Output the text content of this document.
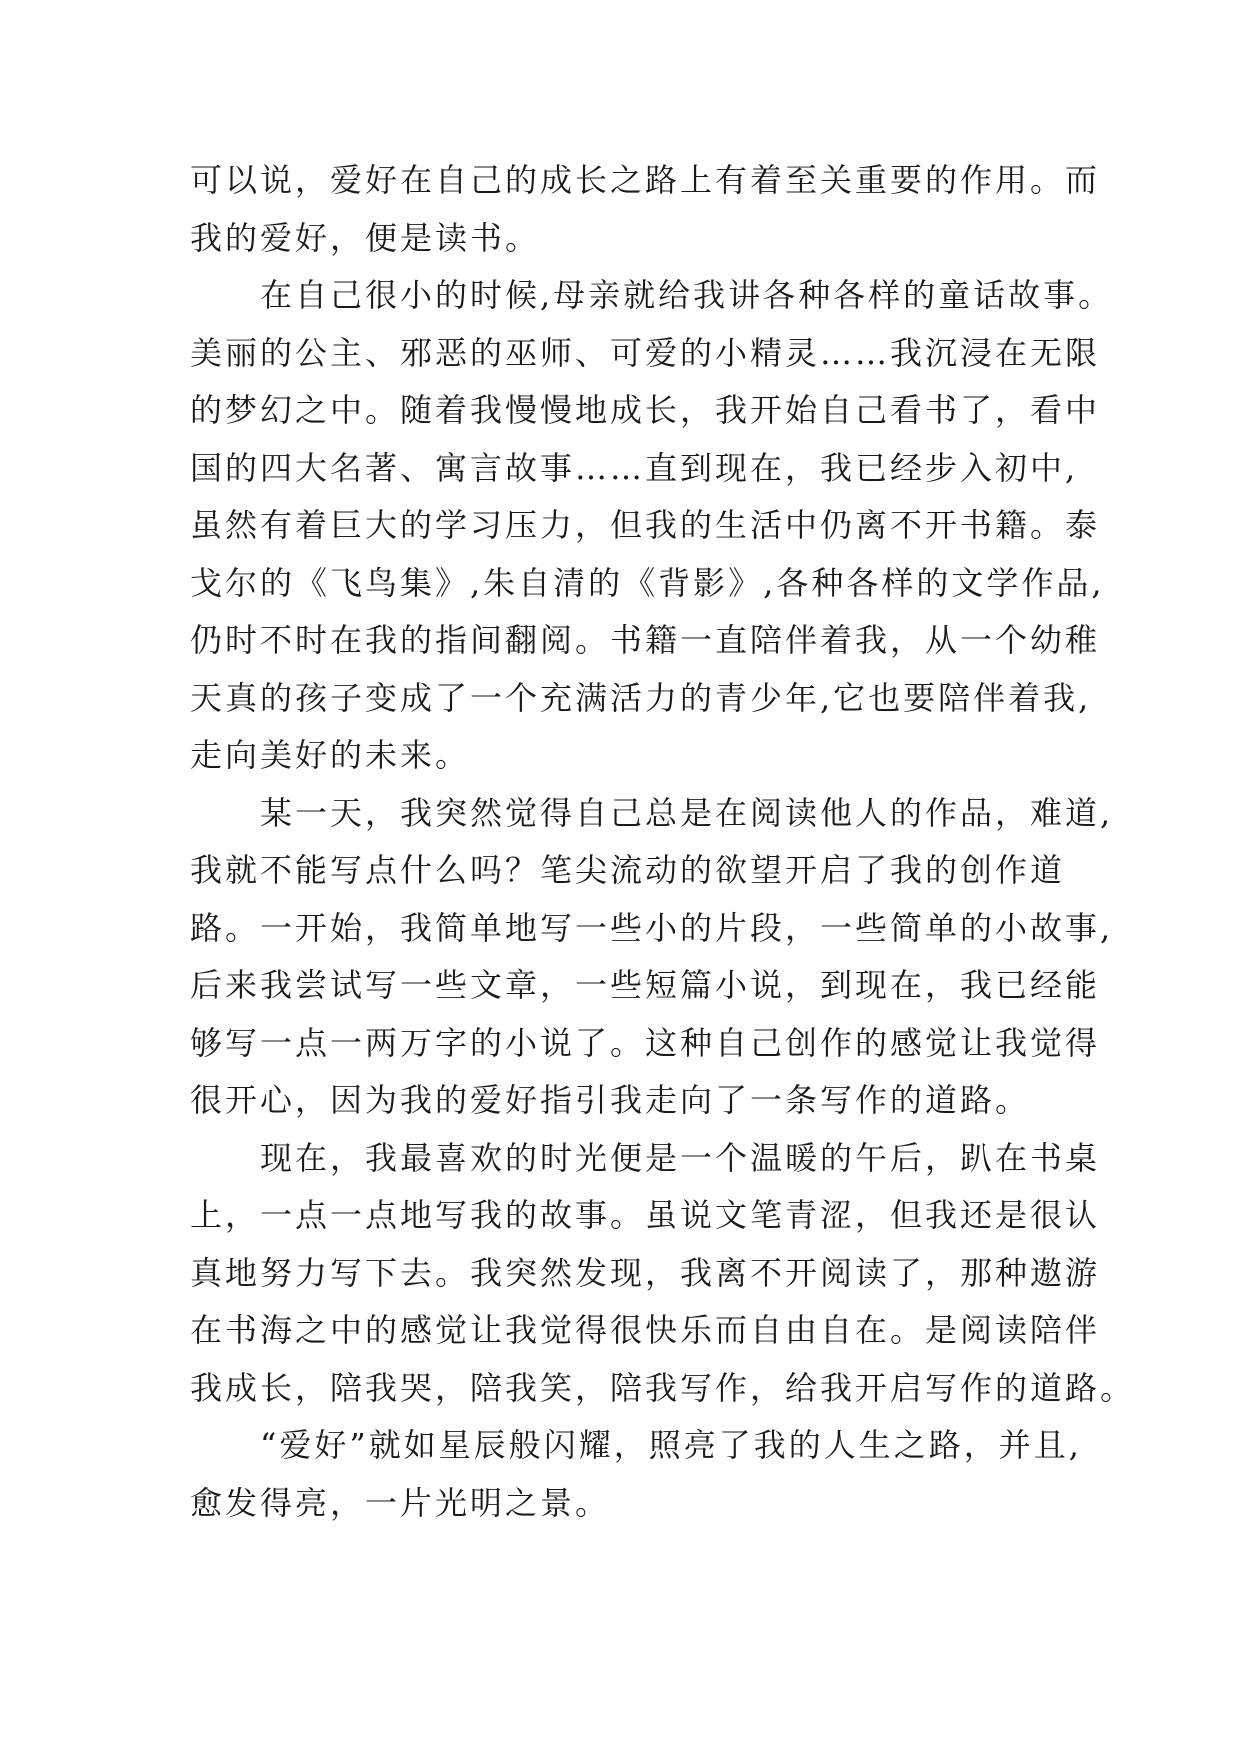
可以说，爱好在自己的成长之路上有着至关重要的作用。而
我的爱好，便是读书。
在自己很小的时候,母亲就给我讲各种各样的童话故事。
美丽的公主、邪恶的巫师、可爱的小精灵……我沉浸在无限
的梦幻之中。随着我慢慢地成长，我开始自己看书了，看中
国的四大名著、寓言故事……直到现在，我已经步入初中,
虽然有着巨大的学习压力，但我的生活中仍离不开书籍。泰
戈尔的《飞鸟集》,朱自清的《背影》,各种各样的文学作品,
仍时不时在我的指间翻阅。书籍一直陪伴着我，从一个幼稚
天真的孩子变成了一个充满活力的青少年,它也要陪伴着我,
走向美好的未来。
某一天，我突然觉得自己总是在阅读他人的作品，难道,
我就不能写点什么吗？笔尖流动的欲望开启了我的创作道
路。一开始，我简单地写一些小的片段，一些简单的小故事,
后来我尝试写一些文章，一些短篇小说，到现在，我已经能
够写一点一两万字的小说了。这种自己创作的感觉让我觉得
很开心，因为我的爱好指引我走向了一条写作的道路。
现在，我最喜欢的时光便是一个温暖的午后，趴在书桌
上，一点一点地写我的故事。虽说文笔青涩，但我还是很认
真地努力写下去。我突然发现，我离不开阅读了，那种遨游
在书海之中的感觉让我觉得很快乐而自由自在。是阅读陪伴
我成长，陪我哭，陪我笑，陪我写作，给我开启写作的道路。
“爱好”就如星辰般闪耀，照亮了我的人生之路，并且,
愈发得亮，一片光明之景。
